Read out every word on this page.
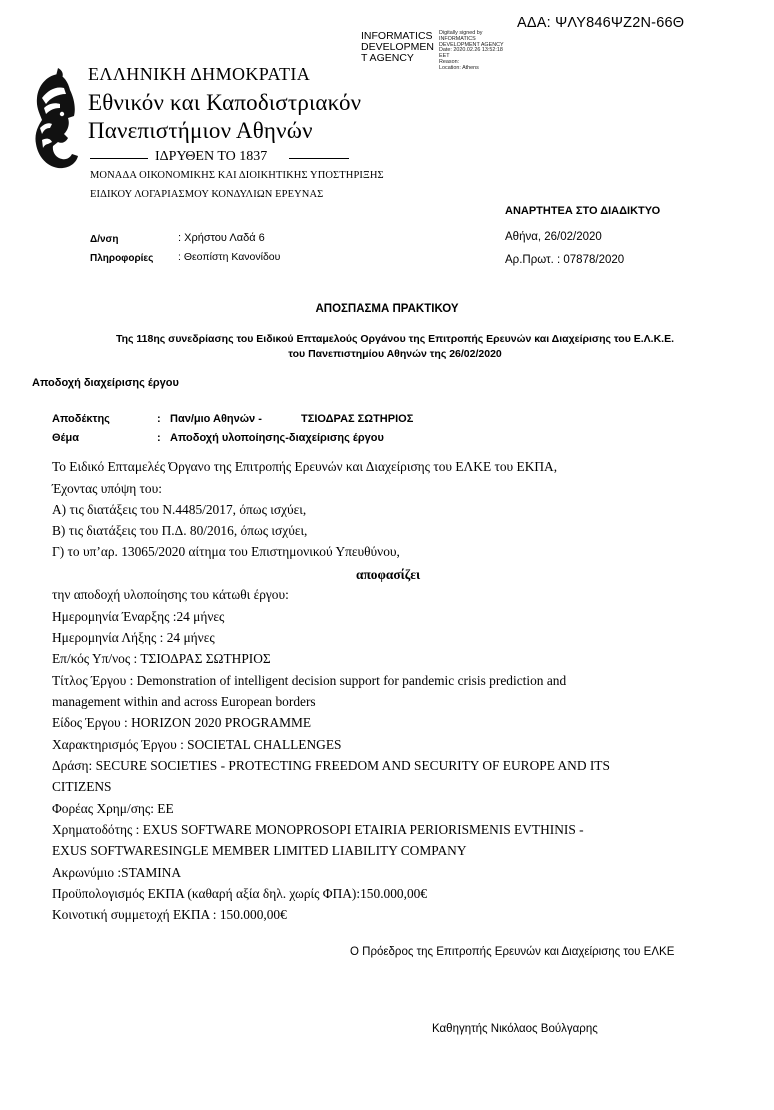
ΑΔΑ: ΨΛΥ846ΨΖ2Ν-66Θ
INFORMATICS
DEVELOPMEN
T AGENCY
Digitally signed by
INFORMATICS
DEVELOPMENT AGENCY
Date: 2020.02.26 13:52:18
EET
Reason:
Location: Athens
ΕΛΛΗΝΙΚΗ ΔΗΜΟΚΡΑΤΙΑ
Εθνικόν και Καποδιστριακόν
Πανεπιστήμιον Αθηνών
ΙΔΡΥΘΕΝ ΤΟ 1837
ΜΟΝΑΔΑ ΟΙΚΟΝΟΜΙΚΗΣ ΚΑΙ ΔΙΟΙΚΗΤΙΚΗΣ ΥΠΟΣΤΗΡΙΞΗΣ
ΕΙΔΙΚΟΥ ΛΟΓΑΡΙΑΣΜΟΥ ΚΟΝΔΥΛΙΩΝ ΕΡΕΥΝΑΣ
ΑΝΑΡΤΗΤΕΑ ΣΤΟ ΔΙΑΔΙΚΤΥΟ
Δ/νση	: Χρήστου Λαδά 6
Πληροφορίες : Θεοπίστη Κανονίδου
Αθήνα, 26/02/2020
Αρ.Πρωτ. : 07878/2020
ΑΠΟΣΠΑΣΜΑ ΠΡΑΚΤΙΚΟΥ
Της 118ης συνεδρίασης του Ειδικού Επταμελούς Οργάνου της Επιτροπής Ερευνών και Διαχείρισης του Ε.Λ.Κ.Ε.
του Πανεπιστημίου Αθηνών της 26/02/2020
Αποδοχή διαχείρισης έργου
Αποδέκτης	: Παν/μιο Αθηνών -	ΤΣΙΟΔΡΑΣ ΣΩΤΗΡΙΟΣ
Θέμα	: Αποδοχή υλοποίησης-διαχείρισης έργου
Το Ειδικό Επταμελές Όργανο της Επιτροπής Ερευνών και Διαχείρισης του ΕΛΚΕ του ΕΚΠΑ,
Έχοντας υπόψη του:
Α) τις διατάξεις του Ν.4485/2017, όπως ισχύει,
Β) τις διατάξεις του Π.Δ. 80/2016, όπως ισχύει,
Γ) το υπ’αρ. 13065/2020 αίτημα του Επιστημονικού Υπευθύνου,
την αποδοχή υλοποίησης του κάτωθι έργου:
Ημερομηνία Έναρξης :24 μήνες
Ημερομηνία Λήξης : 24 μήνες
Επ/κός Υπ/νος : ΤΣΙΟΔΡΑΣ ΣΩΤΗΡΙΟΣ
Τίτλος Έργου : Demonstration of intelligent decision support for pandemic crisis prediction and
management within and across European borders
Είδος Έργου : HORIZON 2020 PROGRAMME
Χαρακτηρισμός Έργου : SOCIETAL CHALLENGES
Δράση: SECURE SOCIETIES - PROTECTING FREEDOM AND SECURITY OF EUROPE AND ITS
CITIZENS
Φορέας Χρημ/σης: ΕΕ
Χρηματοδότης : EXUS SOFTWARE MONOPROSOPI ETAIRIA PERIORISMENIS EVTHINIS -
EXUS SOFTWARESINGLE MEMBER LIMITED LIABILITY COMPANY
Ακρωνύμιο :STAMINA
Προϋπολογισμός ΕΚΠΑ (καθαρή αξία δηλ. χωρίς ΦΠΑ):150.000,00€
Κοινοτική συμμετοχή ΕΚΠΑ : 150.000,00€
αποφασίζει
Ο Πρόεδρος της Επιτροπής Ερευνών και Διαχείρισης του ΕΛΚΕ
Καθηγητής Νικόλαος Βούλγαρης
